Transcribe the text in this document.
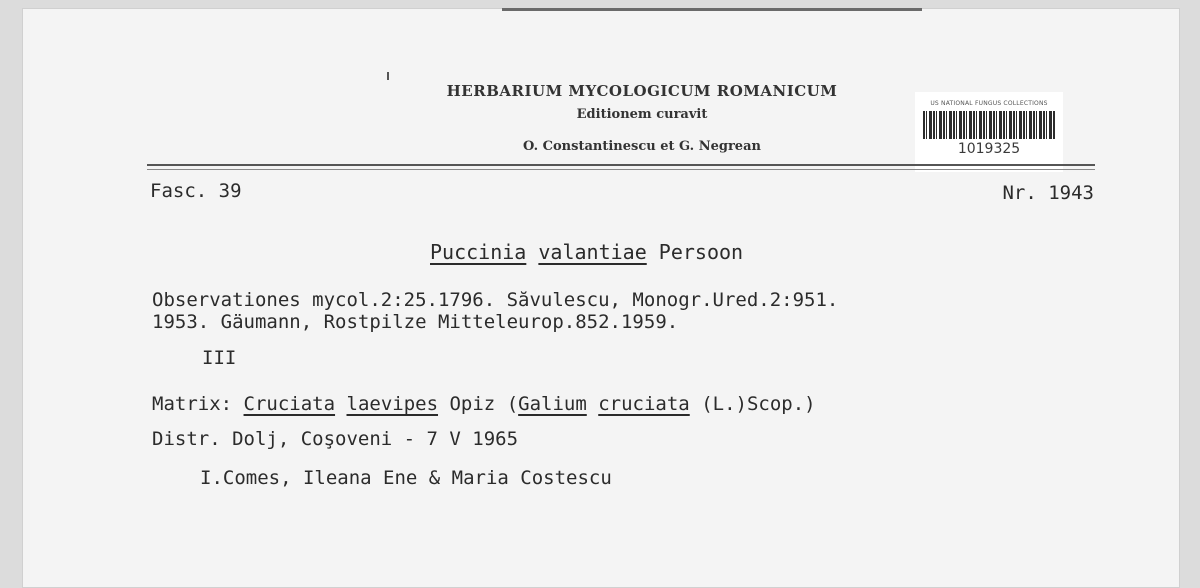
HERBARIUM MYCOLOGICUM ROMANICUM
Editionem curavit
O. Constantinescu et G. Negrean
US NATIONAL FUNGUS COLLECTIONS
1019325
Fasc. 39	Nr. 1943
Puccinia valantiae Persoon
Observationes mycol.2:25.1796. Săvulescu, Monogr.Ured.2:951.
1953. Gäumann, Rostpilze Mitteleurop.852.1959.
III
Matrix: Cruciata laevipes Opiz (Galium cruciata (L.)Scop.)
Distr. Dolj, Coşoveni - 7 V 1965
I.Comes, Ileana Ene & Maria Costescu
